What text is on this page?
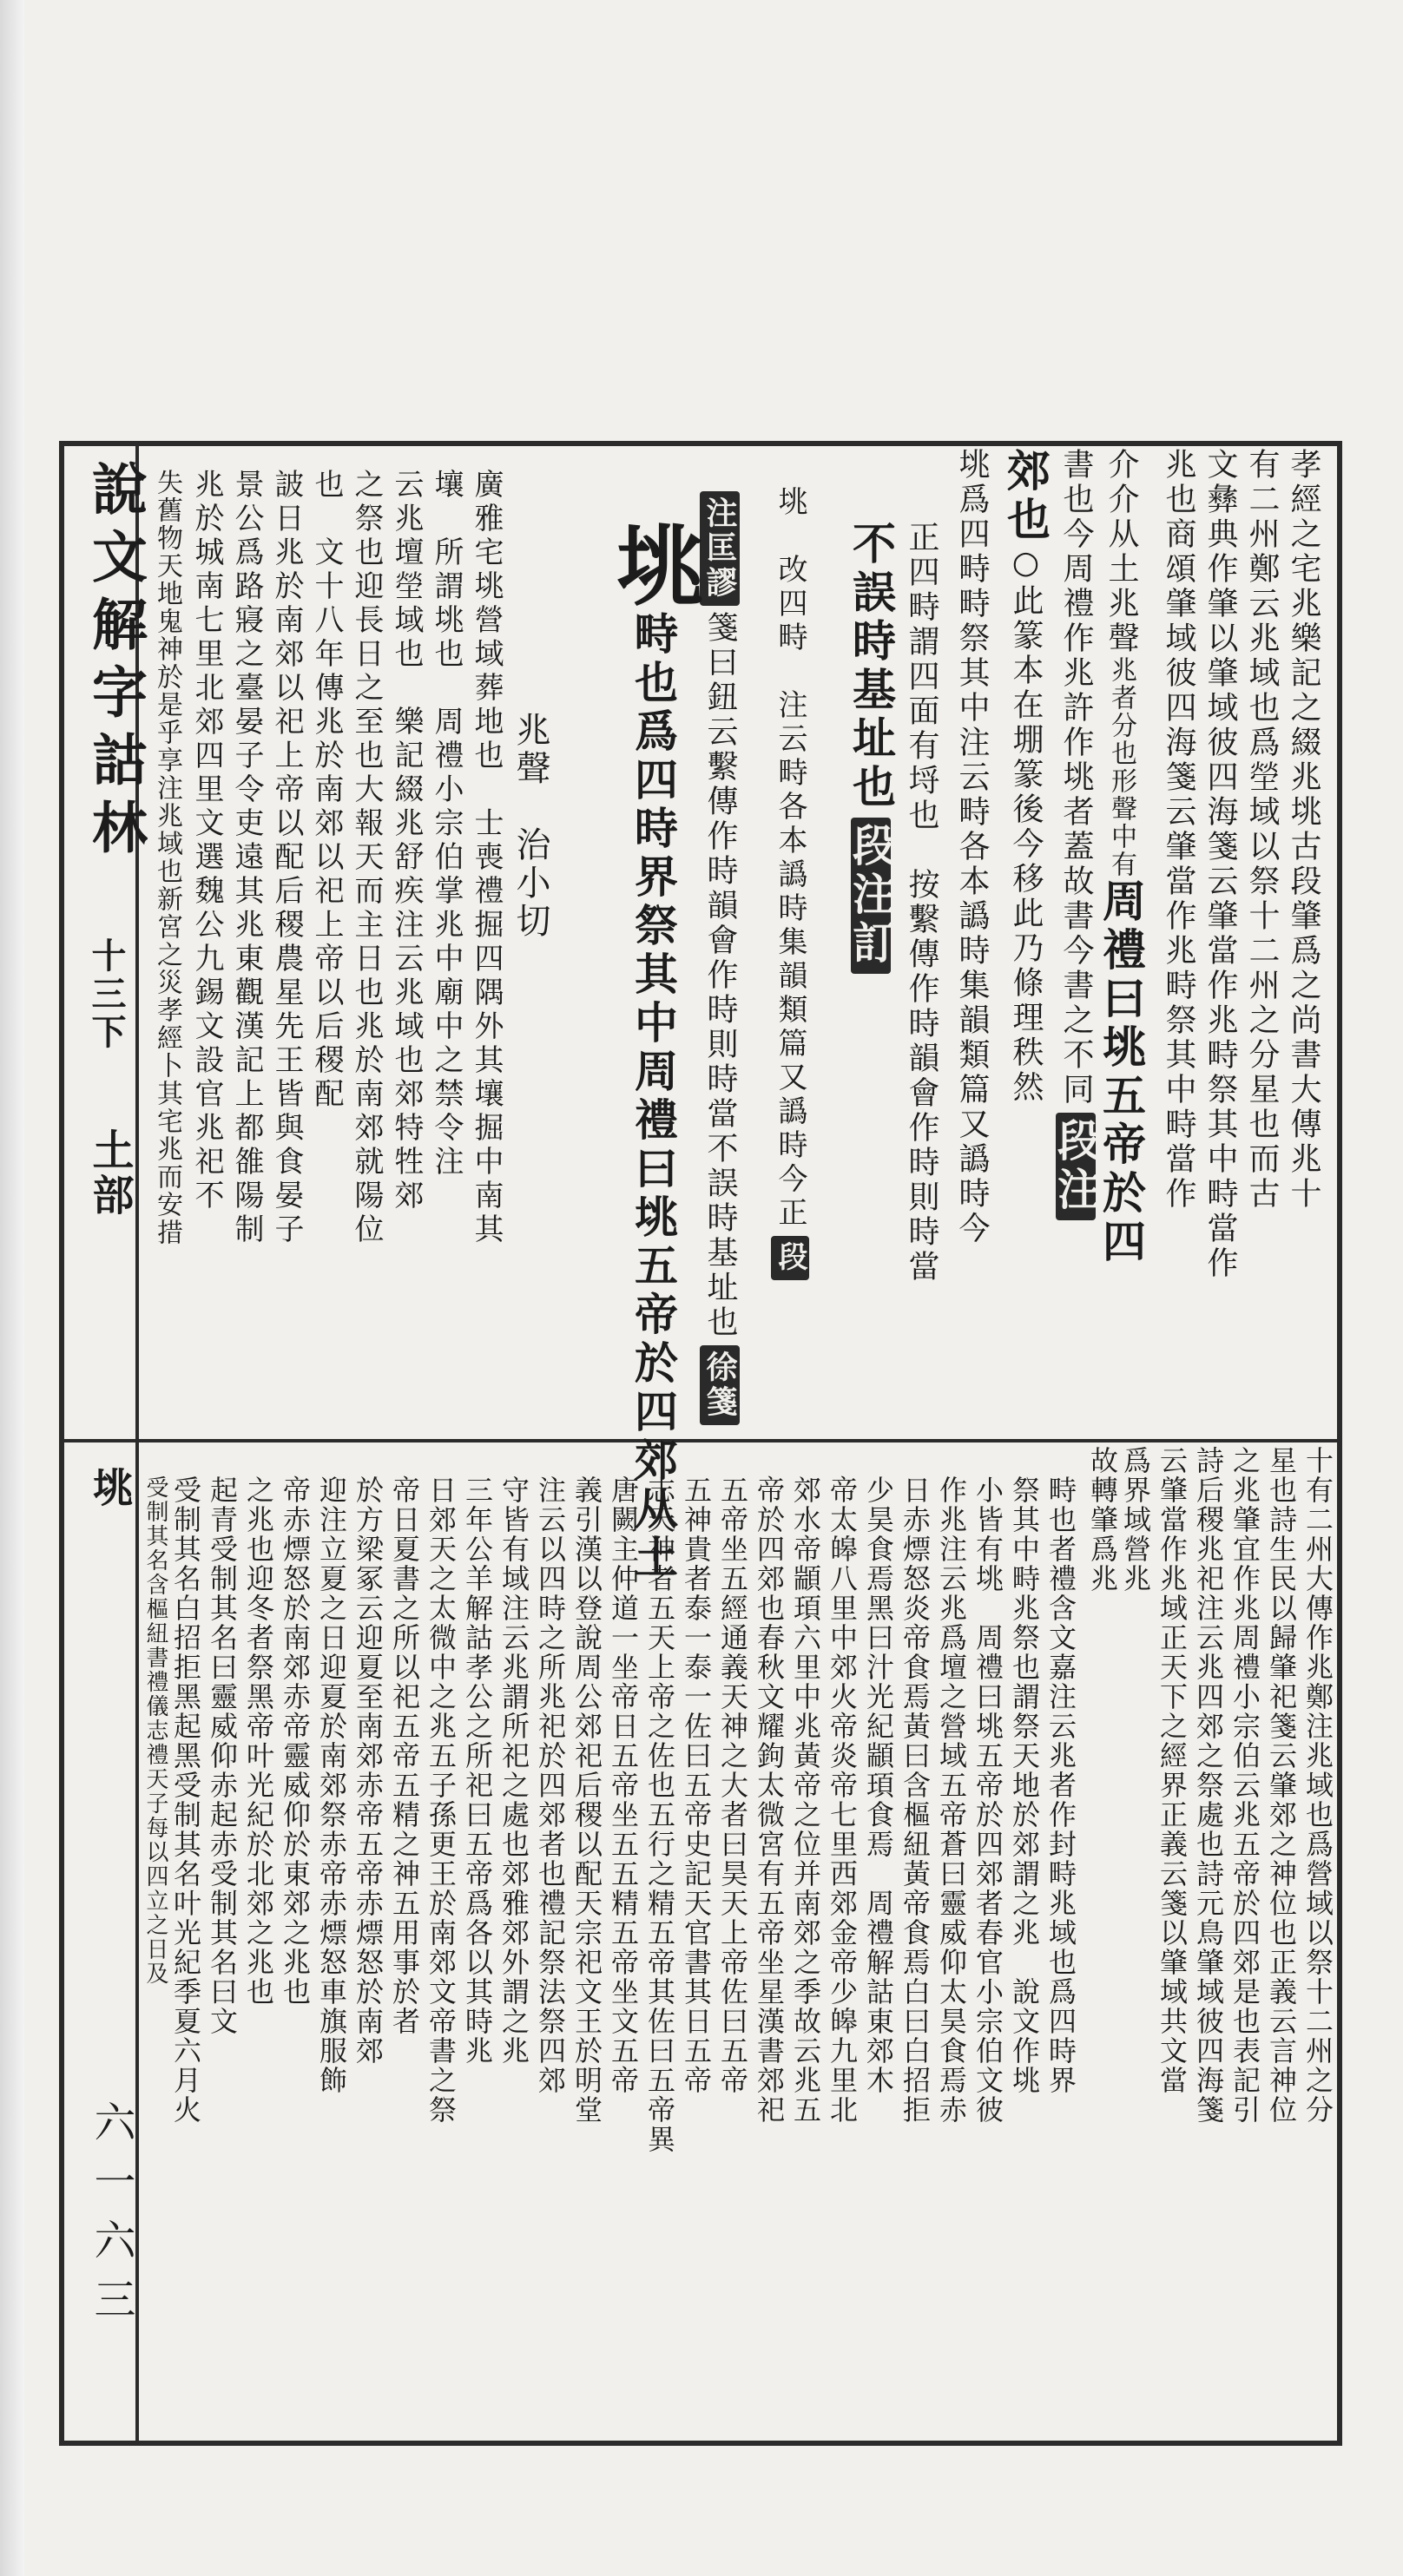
說文解字詁林
十三下
土部
垗
六一六三
孝經之宅兆樂記之綴兆垗古段肇爲之尚書大傳兆十
有二州鄭云兆域也爲塋域以祭十二州之分星也而古
文彝典作肇以肇域彼四海箋云肇當作兆畤祭其中畤當作
兆也商頌肇域彼四海箋云肇當作兆畤祭其中畤當作
介介从土兆聲兆者分也形聲中有周禮曰垗五帝於四
書也今周禮作兆許作垗者蓋故書今書之不同段注
郊也○此篆本在堋篆後今移此乃條理秩然
垗爲四畤畤祭其中注云畤各本譌時集韻類篇又譌時今
正四畤謂四面有埒也　按繫傳作時韻會作時則時當
不誤時基址也段注訂
垗　改四畤　注云畤各本譌時集韻類篇又譌時今正段
注匡謬箋曰鈕云繫傳作時韻會作時則時當不誤時基址也徐箋
垗畤也爲四時界祭其中周禮曰垗五帝於四郊从土
兆聲　治小切
廣雅宅垗營域葬地也　士喪禮掘四隅外其壤掘中南其
壤　所謂垗也　周禮小宗伯掌兆中廟中之禁令注
云兆壇塋域也　樂記綴兆舒疾注云兆域也郊特牲郊
之祭也迎長日之至也大報天而主日也兆於南郊就陽位
也　文十八年傳兆於南郊以祀上帝以后稷配
詖日兆於南郊以祀上帝以配后稷農星先王皆與食晏子
景公爲路寢之臺晏子令吏遠其兆東觀漢記上都雒陽制
兆於城南七里北郊四里文選魏公九錫文設官兆祀不
失舊物天地鬼神於是乎享注兆域也新宮之災孝經卜其宅兆而安措
十有二州大傳作兆鄭注兆域也爲營域以祭十二州之分
星也詩生民以歸肇祀箋云肇郊之神位也正義云言神位
之兆肇宜作兆周禮小宗伯云兆五帝於四郊是也表記引
詩后稷兆祀注云兆四郊之祭處也詩元鳥肇域彼四海箋
云肇當作兆域正天下之經界正義云箋以肇域共文當
爲界域營兆
故轉肇爲兆
畤也者禮含文嘉注云兆者作封畤兆域也爲四時界
祭其中畤兆祭也謂祭天地於郊謂之兆　說文作垗
小皆有垗　周禮曰垗五帝於四郊者春官小宗伯文彼
作兆注云兆爲壇之營域五帝蒼曰靈威仰太昊食焉赤
日赤熛怒炎帝食焉黃曰含樞紐黃帝食焉白曰白招拒
少昊食焉黑曰汁光紀顓頊食焉　周禮解詁東郊木
帝太皞八里中郊火帝炎帝七里西郊金帝少皞九里北
郊水帝顓頊六里中兆黃帝之位并南郊之季故云兆五
帝於四郊也春秋文耀鉤太微宮有五帝坐星漢書郊祀
五帝坐五經通義天神之大者曰昊天上帝佐曰五帝
五神貴者泰一泰一佐曰五帝史記天官書其日五帝
志天神者五天上帝之佐也五行之精五帝其佐曰五帝異
唐闕主仲道一坐帝日五帝坐五五精五帝坐文五帝
義引漢以登說周公郊祀后稷以配天宗祀文王於明堂
注云以四時之所兆祀於四郊者也禮記祭法祭四郊
守皆有域注云兆謂所祀之處也郊雅郊外謂之兆
三年公羊解詁孝公之所祀曰五帝爲各以其時兆
日郊天之太微中之兆五子孫更王於南郊文帝書之祭
帝日夏書之所以祀五帝五精之神五用事於者
於方梁冢云迎夏至南郊赤帝五帝赤熛怒於南郊
迎注立夏之日迎夏於南郊祭赤帝赤熛怒車旗服飾
帝赤熛怒於南郊赤帝靈威仰於東郊之兆也
之兆也迎冬者祭黑帝叶光紀於北郊之兆也
起青受制其名曰靈威仰赤起赤受制其名曰文
受制其名白招拒黑起黑受制其名叶光紀季夏六月火
受制其名含樞紐書禮儀志禮天子每以四立之日及
